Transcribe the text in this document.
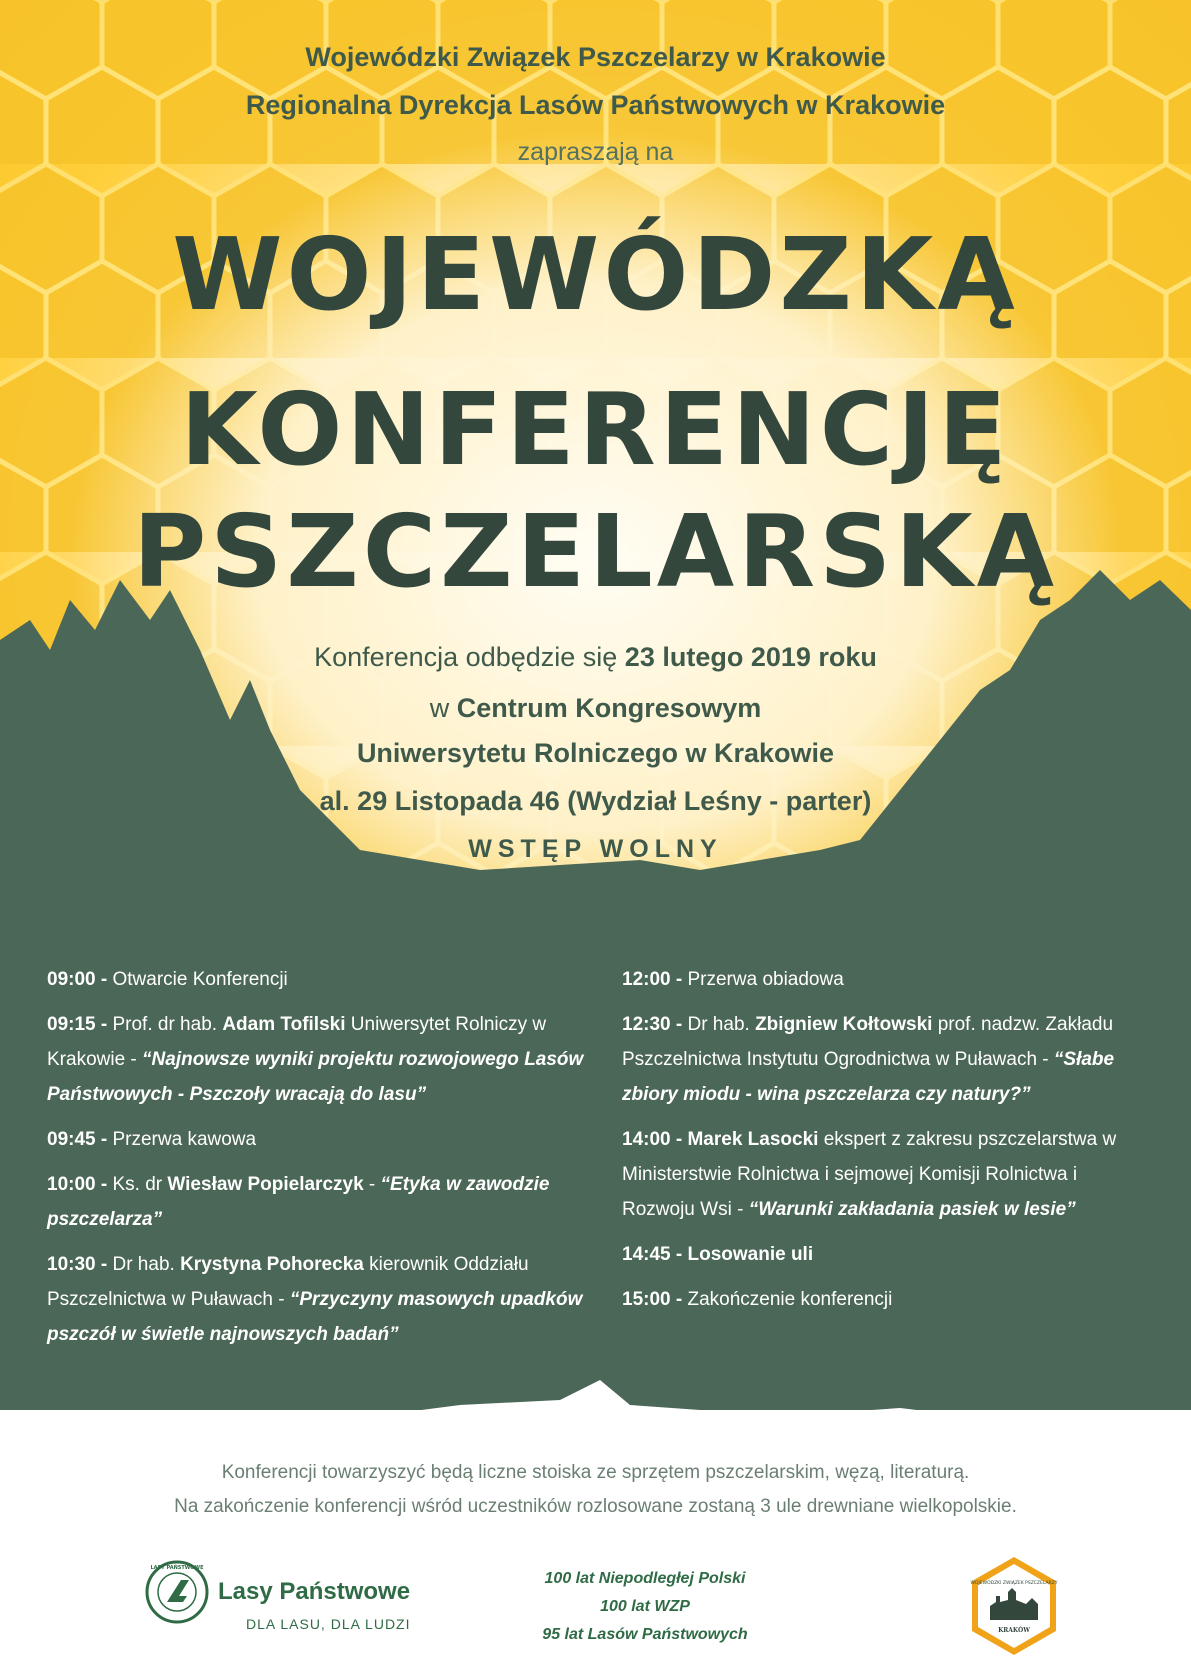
Wojewódzki Związek Pszczelarzy w Krakowie
Regionalna Dyrekcja Lasów Państwowych w Krakowie
zapraszają na
WOJEWÓDZKĄ
KONFERENCJĘ
PSZCZELARSKĄ
Konferencja odbędzie się 23 lutego 2019 roku
w Centrum Kongresowym
Uniwersytetu Rolniczego w Krakowie
al. 29 Listopada 46 (Wydział Leśny - parter)
WSTĘP WOLNY
09:00 - Otwarcie Konferencji
09:15 - Prof. dr hab. Adam Tofilski Uniwersytet Rolniczy w Krakowie - “Najnowsze wyniki projektu rozwojowego Lasów Państwowych - Pszczoły wracają do lasu”
09:45 - Przerwa kawowa
10:00 - Ks. dr Wiesław Popielarczyk - “Etyka w zawodzie pszczelarza”
10:30 - Dr hab. Krystyna Pohorecka kierownik Oddziału Pszczelnictwa w Puławach - “Przyczyny masowych upadków pszczół w świetle najnowszych badań”
12:00 - Przerwa obiadowa
12:30 - Dr hab. Zbigniew Kołtowski prof. nadzw. Zakładu Pszczelnictwa Instytutu Ogrodnictwa w Puławach - “Słabe zbiory miodu - wina pszczelarza czy natury?”
14:00 - Marek Lasocki ekspert z zakresu pszczelarstwa w Ministerstwie Rolnictwa i sejmowej Komisji Rolnictwa i Rozwoju Wsi - “Warunki zakładania pasiek w lesie”
14:45 - Losowanie uli
15:00 - Zakończenie konferencji
Konferencji towarzyszyć będą liczne stoiska ze sprzętem pszczelarskim, węzą, literaturą.
Na zakończenie konferencji wśród uczestników rozlosowane zostaną 3 ule drewniane wielkopolskie.
LASY PAŃSTWOWE
Lasy Państwowe
DLA LASU, DLA LUDZI
100 lat Niepodległej Polski
100 lat WZP
95 lat Lasów Państwowych
WOJEWÓDZKI ZWIĄZEK PSZCZELARZY
KRAKÓW
